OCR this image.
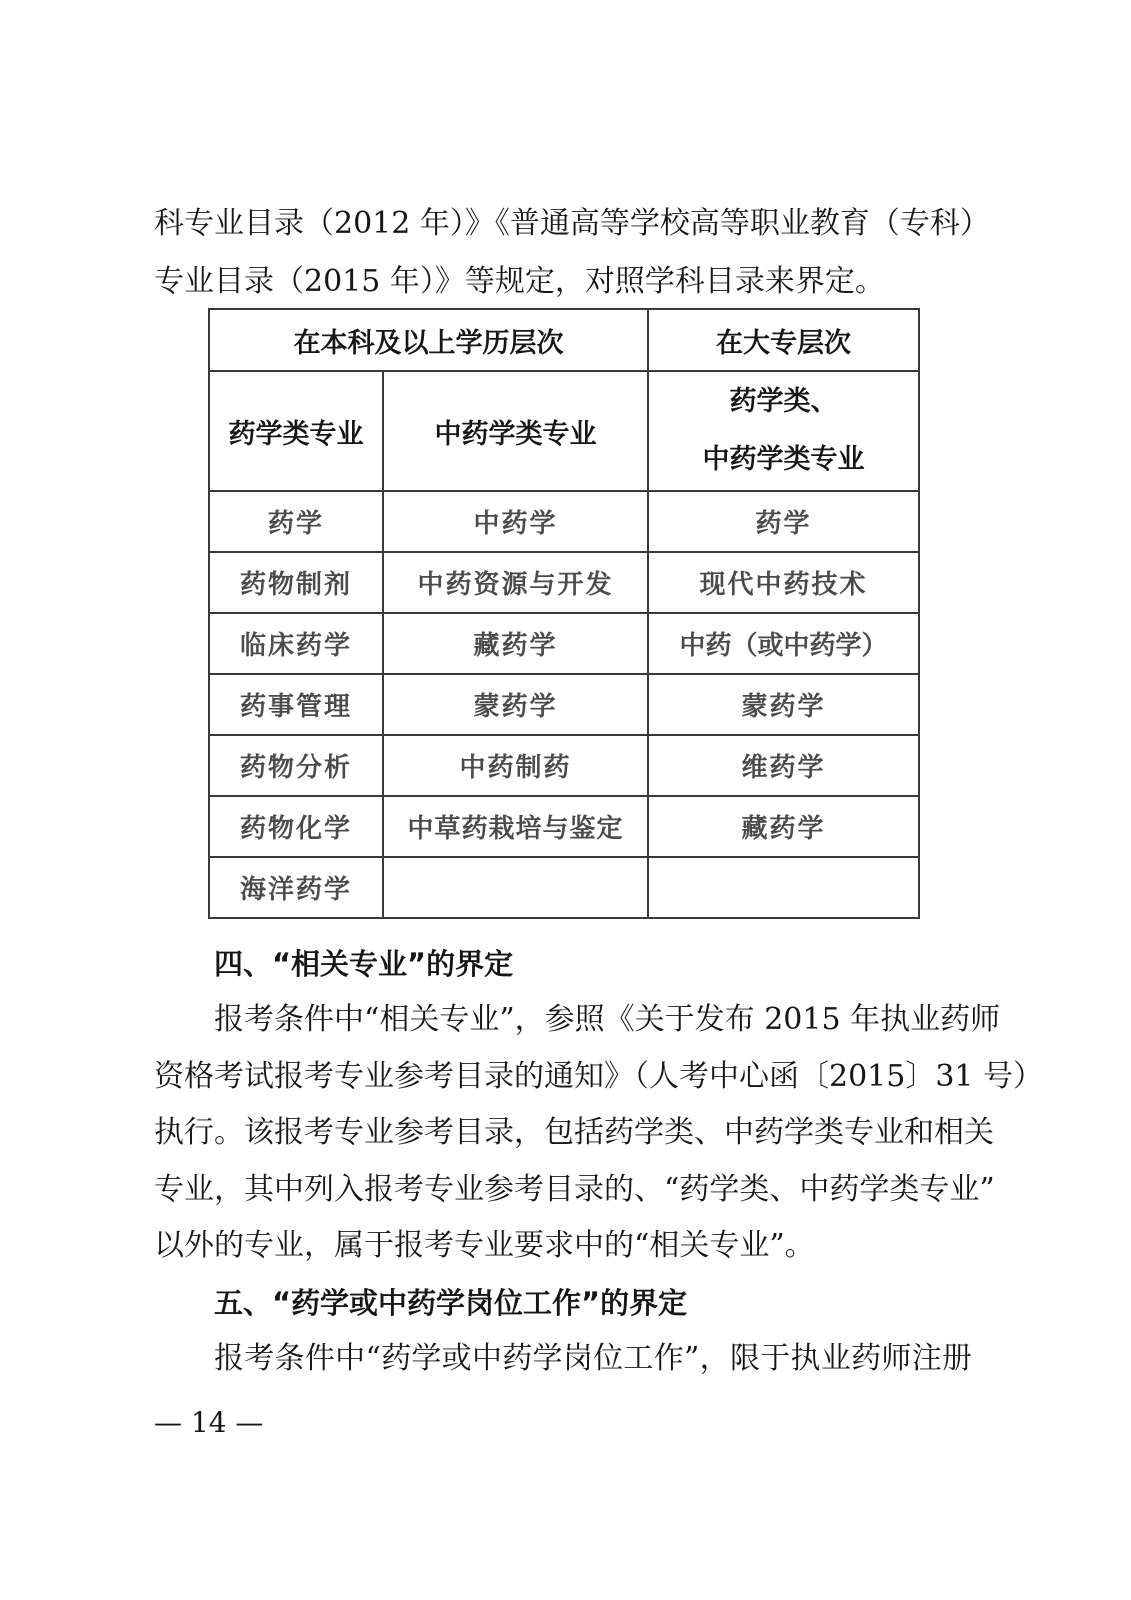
科专业目录（2012 年）》《普通高等学校高等职业教育（专科）
专业目录（2015 年）》等规定，对照学科目录来界定。
在本科及以上学历层次		在大专层次
药学类专业	中药学类专业	药学类、
中药学类专业

药学	中药学	药学
药物制剂	中药资源与开发	现代中药技术
临床药学	藏药学	中药（或中药学）
药事管理	蒙药学	蒙药学
药物分析	中药制药	维药学
药物化学	中草药栽培与鉴定	藏药学
海洋药学		
四、“相关专业”的界定
报考条件中“相关专业”，参照《关于发布 2015 年执业药师
资格考试报考专业参考目录的通知》（人考中心函〔2015〕31 号）
执行。该报考专业参考目录，包括药学类、中药学类专业和相关
专业，其中列入报考专业参考目录的、“药学类、中药学类专业”
以外的专业，属于报考专业要求中的“相关专业”。
五、“药学或中药学岗位工作”的界定
报考条件中“药学或中药学岗位工作”，限于执业药师注册
— 14 —
